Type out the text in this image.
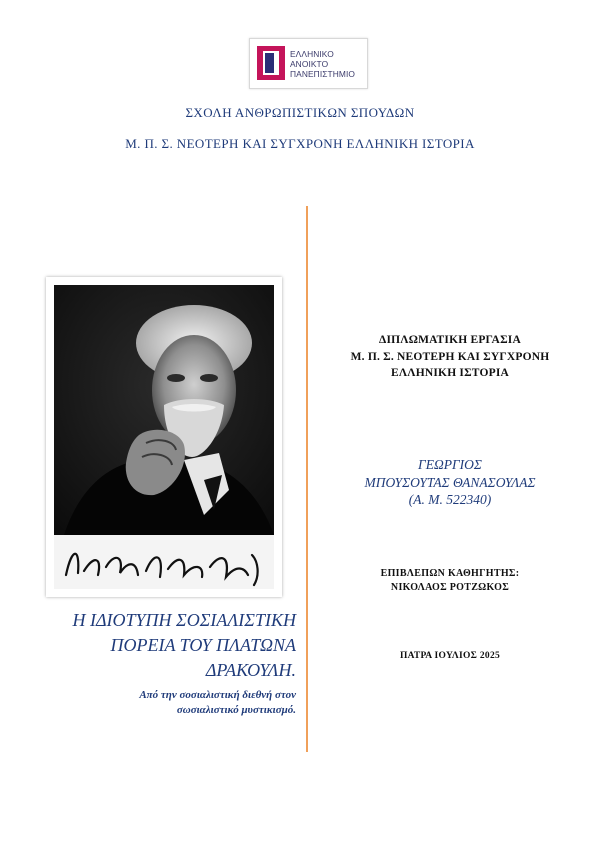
ΕΛΛΗΝΙΚΟ
ΑΝΟΙΚΤΟ
ΠΑΝΕΠΙΣΤΗΜΙΟ
ΣΧΟΛΗ ΑΝΘΡΩΠΙΣΤΙΚΩΝ ΣΠΟΥΔΩΝ
Μ. Π. Σ. ΝΕΟΤΕΡΗ ΚΑΙ ΣΥΓΧΡΟΝΗ ΕΛΛΗΝΙΚΗ ΙΣΤΟΡΙΑ
Η ΙΔΙΟΤΥΠΗ ΣΟΣΙΑΛΙΣΤΙΚΗ
ΠΟΡΕΙΑ ΤΟΥ ΠΛΑΤΩΝΑ
ΔΡΑΚΟΥΛΗ.
Από την σοσιαλιστική διεθνή στον
σωσιαλιστικό μυστικισμό.
ΔΙΠΛΩΜΑΤΙΚΗ ΕΡΓΑΣΙΑ
Μ. Π. Σ. ΝΕΟΤΕΡΗ ΚΑΙ ΣΥΓΧΡΟΝΗ
ΕΛΛΗΝΙΚΗ ΙΣΤΟΡΙΑ
ΓΕΩΡΓΙΟΣ
ΜΠΟΥΣΟΥΤΑΣ ΘΑΝΑΣΟΥΛΑΣ
(Α. Μ. 522340)
ΕΠΙΒΛΕΠΩΝ ΚΑΘΗΓΗΤΗΣ:
ΝΙΚΟΛΑΟΣ ΡΟΤΖΩΚΟΣ
ΠΑΤΡΑ ΙΟΥΛΙΟΣ 2025
